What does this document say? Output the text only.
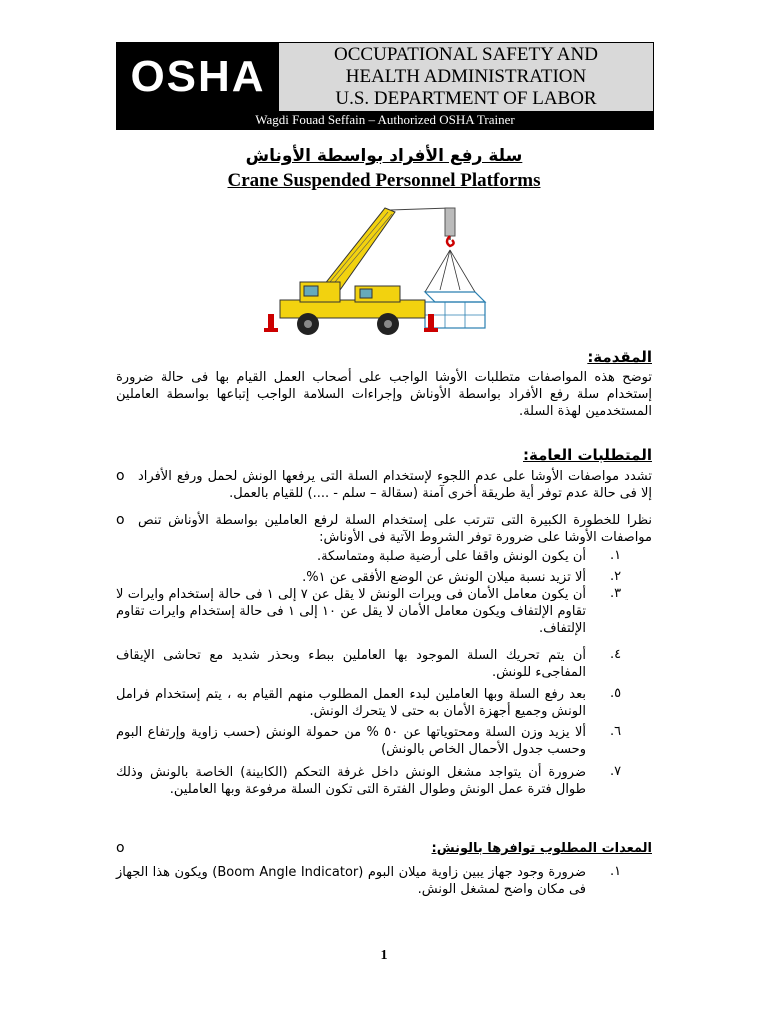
OSHA	OCCUPATIONAL SAFETY AND
HEALTH ADMINISTRATION
U.S. DEPARTMENT OF LABOR
Wagdi Fouad Seffain – Authorized OSHA Trainer
سلة رفع الأفراد بواسطة الأوناش
Crane Suspended Personnel Platforms
المقدمة:
توضح هذه المواصفات متطلبات الأوشا الواجب على أصحاب العمل القيام بها فى حالة ضرورة إستخدام سلة رفع الأفراد بواسطة الأوناش وإجراءات السلامة الواجب إتباعها بواسطة العاملين المستخدمين لهذة السلة.
المتطلبات العامة:
o تشدد مواصفات الأوشا على عدم اللجوء لإستخدام السلة التى يرفعها الونش لحمل ورفع الأفراد إلا فى حالة عدم توفر أية طريقة أخرى آمنة (سقالة – سلم - ....) للقيام بالعمل.
o نظرا للخطورة الكبيرة التى تترتب على إستخدام السلة لرفع العاملين بواسطة الأوناش تنص مواصفات الأوشا على ضرورة توفر الشروط الآتية فى الأوناش:
١.
أن يكون الونش واقفا على أرضية صلبة ومتماسكة.
٢.
ألا تزيد نسبة ميلان الونش عن الوضع الأفقى عن ١%.
٣.
أن يكون معامل الأمان فى ويرات الونش لا يقل عن ٧ إلى ١ فى حالة إستخدام وايرات لا تقاوم الإلتفاف ويكون معامل الأمان لا يقل عن ١٠ إلى ١ فى حالة إستخدام وايرات تقاوم الإلتفاف.
٤.
أن يتم تحريك السلة الموجود بها العاملين ببطء وبحذر شديد مع تحاشى الإيقاف المفاجىء للونش.
٥.
بعد رفع السلة وبها العاملين لبدء العمل المطلوب منهم القيام به ، يتم إستخدام فرامل الونش وجميع أجهزة الأمان به حتى لا يتحرك الونش.
٦.
ألا يزيد وزن السلة ومحتوياتها عن ٥٠ % من حمولة الونش (حسب زاوية وإرتفاع البوم وحسب جدول الأحمال الخاص بالونش)
٧.
ضرورة أن يتواجد مشغل الونش داخل غرفة التحكم (الكابينة) الخاصة بالونش وذلك طوال فترة عمل الونش وطوال الفترة التى تكون السلة مرفوعة وبها العاملين.
o	المعدات المطلوب توافرها بالونش:
١.
ضرورة وجود جهاز يبين زاوية ميلان البوم (Boom Angle Indicator) ويكون هذا الجهاز فى مكان واضح لمشغل الونش.
1
